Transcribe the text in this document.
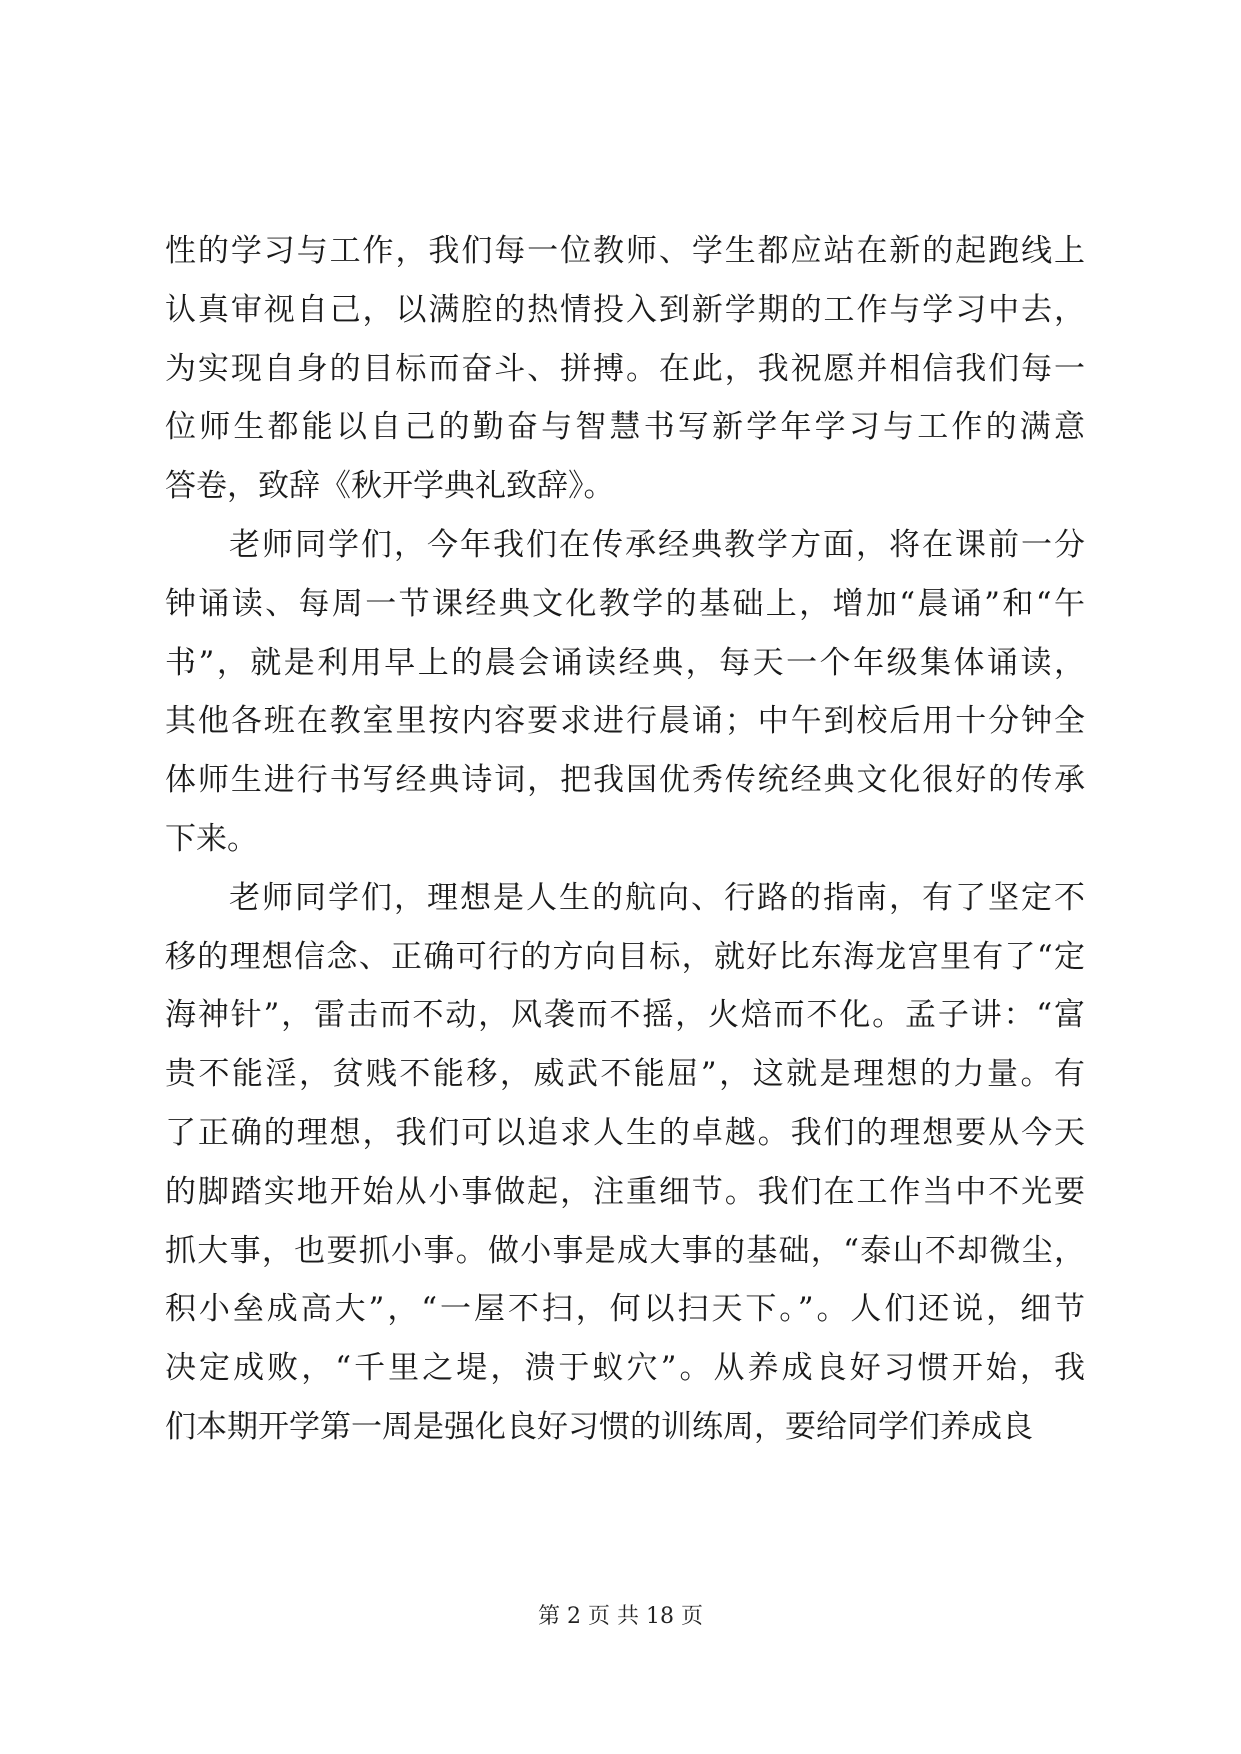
性的学习与工作，我们每一位教师、学生都应站在新的起跑线上
认真审视自己，以满腔的热情投入到新学期的工作与学习中去，
为实现自身的目标而奋斗、拼搏。在此，我祝愿并相信我们每一
位师生都能以自己的勤奋与智慧书写新学年学习与工作的满意
答卷，致辞《秋开学典礼致辞》。
老师同学们，今年我们在传承经典教学方面，将在课前一分
钟诵读、每周一节课经典文化教学的基础上，增加“晨诵”和“午
书”，就是利用早上的晨会诵读经典，每天一个年级集体诵读，
其他各班在教室里按内容要求进行晨诵；中午到校后用十分钟全
体师生进行书写经典诗词，把我国优秀传统经典文化很好的传承
下来。
老师同学们，理想是人生的航向、行路的指南，有了坚定不
移的理想信念、正确可行的方向目标，就好比东海龙宫里有了“定
海神针”，雷击而不动，风袭而不摇，火焙而不化。孟子讲：“富
贵不能淫，贫贱不能移，威武不能屈”，这就是理想的力量。有
了正确的理想，我们可以追求人生的卓越。我们的理想要从今天
的脚踏实地开始从小事做起，注重细节。我们在工作当中不光要
抓大事，也要抓小事。做小事是成大事的基础，“泰山不却微尘，
积小垒成高大”，“一屋不扫，何以扫天下。”。人们还说，细节
决定成败，“千里之堤，溃于蚁穴”。从养成良好习惯开始，我
们本期开学第一周是强化良好习惯的训练周，要给同学们养成良
第 2 页 共 18 页
